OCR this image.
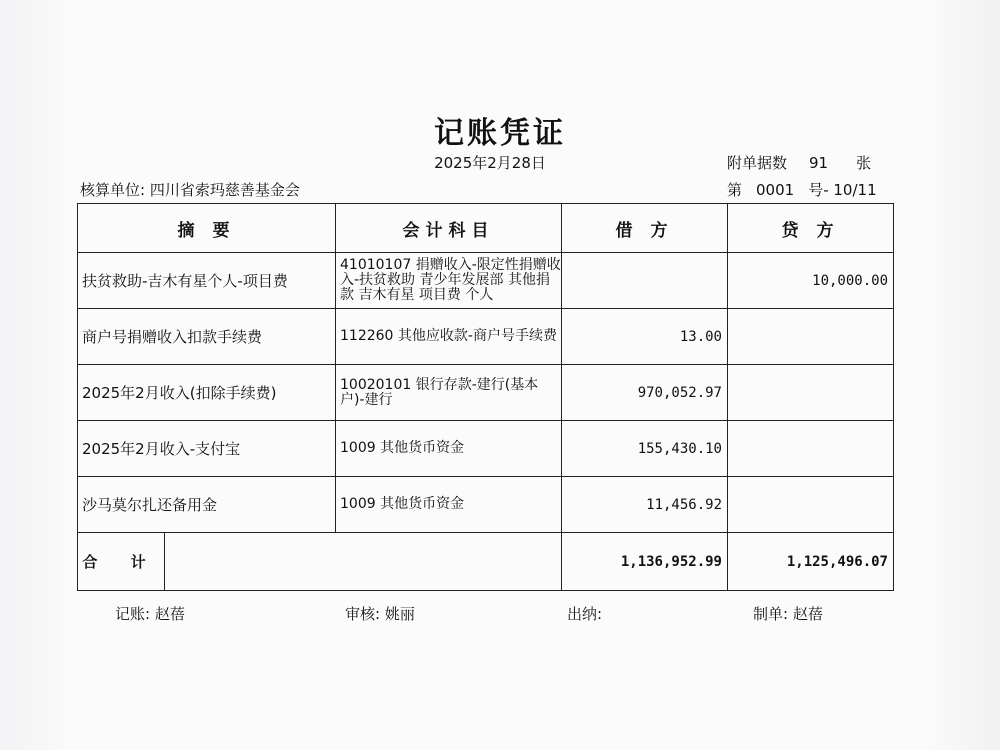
记账凭证
2025年2月28日	附单据数 91 张
核算单位: 四川省索玛慈善基金会	第 0001 号- 10/11
摘 要	会计科目	借 方	贷 方
扶贫救助-吉木有星个人-项目费	41010107 捐赠收入-限定性捐赠收入-扶贫救助 青少年发展部 其他捐款 吉木有星 项目费 个人		10,000.00
商户号捐赠收入扣款手续费	112260 其他应收款-商户号手续费	13.00	
2025年2月收入(扣除手续费)	10020101 银行存款-建行(基本户)-建行	970,052.97	
2025年2月收入-支付宝	1009 其他货币资金	155,430.10	
沙马莫尔扎还备用金	1009 其他货币资金	11,456.92	

合 计		1,136,952.99	1,125,496.07
记账: 赵蓓	审核: 姚丽	出纳:	制单: 赵蓓
